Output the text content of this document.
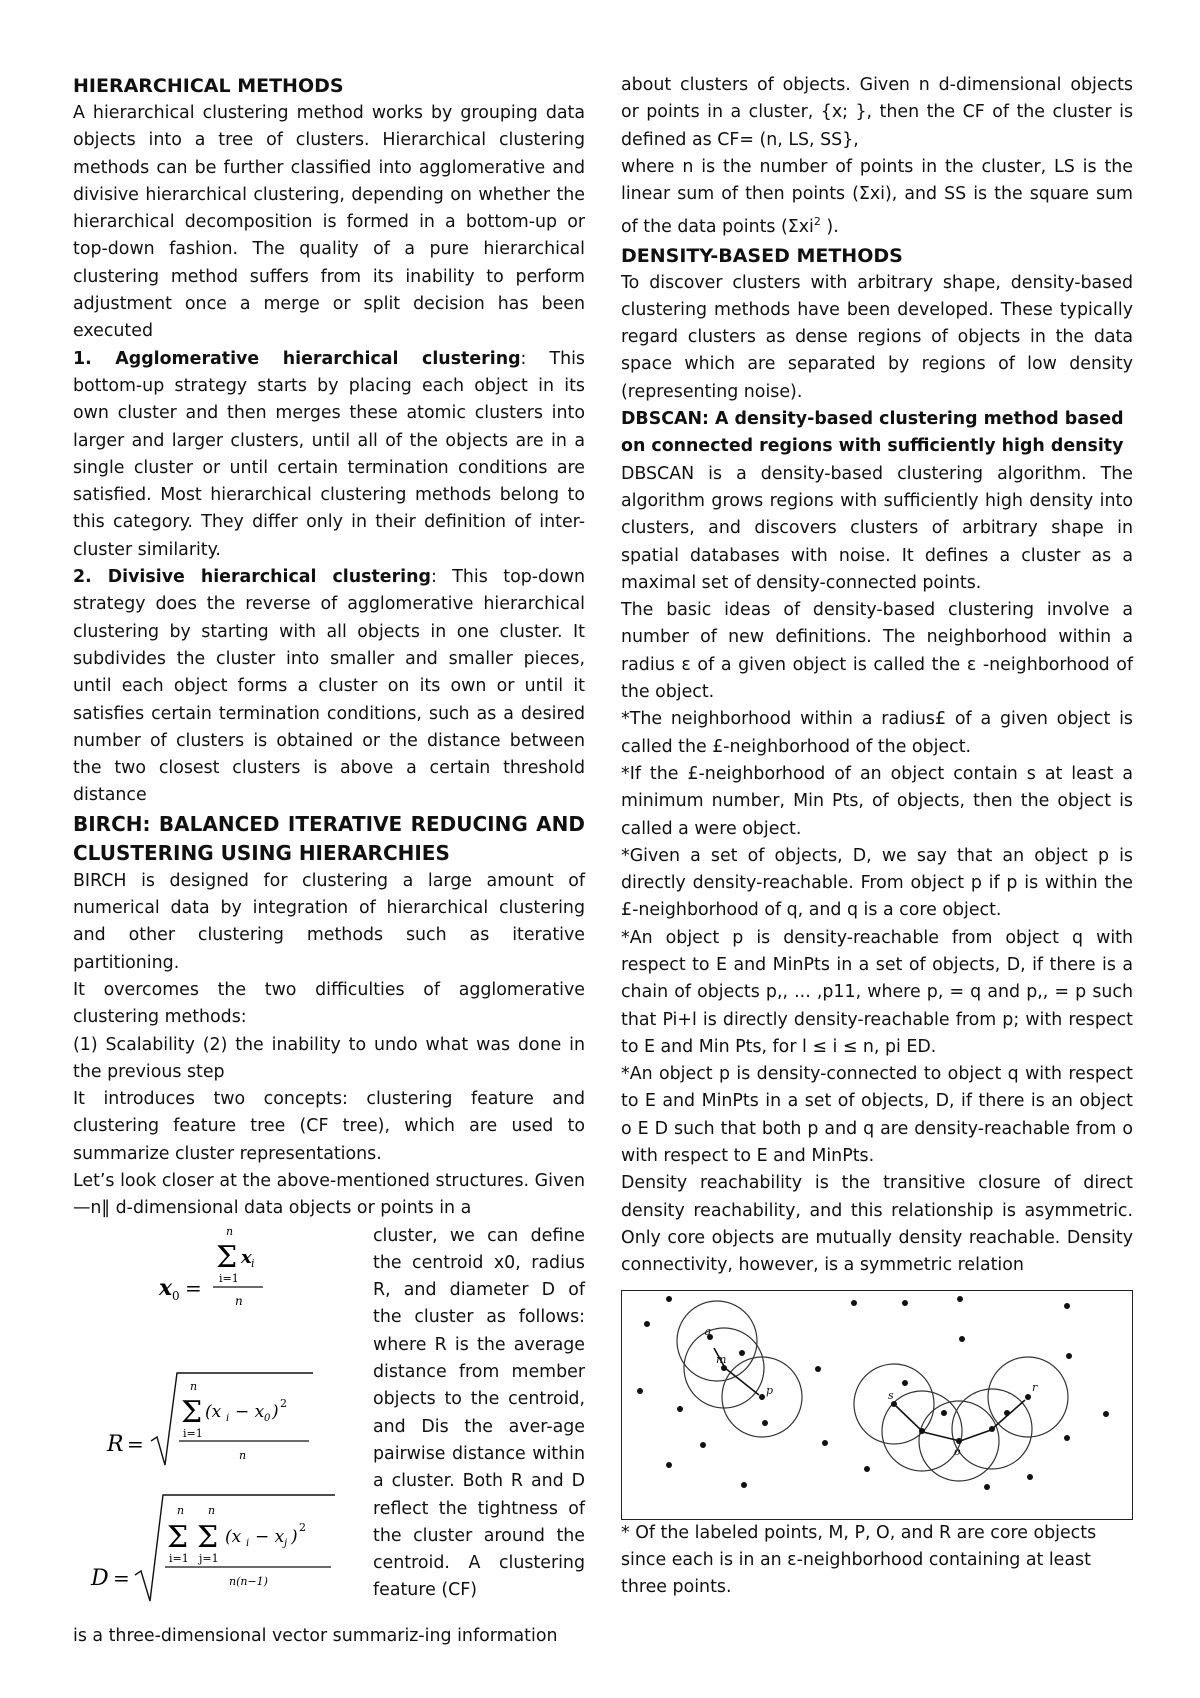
HIERARCHICAL METHODS

A hierarchical clustering method works by grouping data objects into a tree of clusters. Hierarchical clustering methods can be further classified into agglomerative and divisive hierarchical clustering, depending on whether the hierarchical decomposition is formed in a bottom-up or top-down fashion. The quality of a pure hierarchical clustering method suffers from its inability to perform adjustment once a merge or split decision has been executed

1. Agglomerative hierarchical clustering: This bottom-up strategy starts by placing each object in its own cluster and then merges these atomic clusters into larger and larger clusters, until all of the objects are in a single cluster or until certain termination conditions are satisfied. Most hierarchical clustering methods belong to this category. They differ only in their definition of inter-cluster similarity.

2. Divisive hierarchical clustering: This top-down strategy does the reverse of agglomerative hierarchical clustering by starting with all objects in one cluster. It subdivides the cluster into smaller and smaller pieces, until each object forms a cluster on its own or until it satisfies certain termination conditions, such as a desired number of clusters is obtained or the distance between the two closest clusters is above a certain threshold distance

BIRCH: BALANCED ITERATIVE REDUCING AND CLUSTERING USING HIERARCHIES

BIRCH is designed for clustering a large amount of numerical data by integration of hierarchical clustering and other clustering methods such as iterative partitioning.

It overcomes the two difficulties of agglomerative clustering methods:

(1) Scalability (2) the inability to undo what was done in the previous step

It introduces two concepts: clustering feature and clustering feature tree (CF tree), which are used to summarize cluster representations.

Let’s look closer at the above-mentioned structures. Given —n‖ d-dimensional data objects or points in a

x 0 =
n
Σ x i
i=1
n
R =
n
Σ (x i − x 0 ) 2
i=1
n
D =
n n
Σ Σ (x i − x j ) 2
i=1 j=1
n(n−1)

cluster, we can define the centroid x0, radius R, and diameter D of the cluster as follows: where R is the average distance from member objects to the centroid, and Dis the aver-age pairwise distance within a cluster. Both R and D reflect the tightness of the cluster around the centroid. A clustering feature (CF)

is a three-dimensional vector summariz-ing information

about clusters of objects. Given n d-dimensional objects or points in a cluster, {x; }, then the CF of the cluster is defined as CF= (n, LS, SS},

where n is the number of points in the cluster, LS is the linear sum of then points (Σxi), and SS is the square sum of the data points (Σxi$^2$ ).

DENSITY-BASED METHODS

To discover clusters with arbitrary shape, density-based clustering methods have been developed. These typically regard clusters as dense regions of objects in the data space which are separated by regions of low density (representing noise).

DBSCAN: A density-based clustering method based on connected regions with sufficiently high density

DBSCAN is a density-based clustering algorithm. The algorithm grows regions with sufficiently high density into clusters, and discovers clusters of arbitrary shape in spatial databases with noise. It defines a cluster as a maximal set of density-connected points.

The basic ideas of density-based clustering involve a number of new definitions. The neighborhood within a radius ε of a given object is called the ε -neighborhood of the object.

*The neighborhood within a radius£ of a given object is called the £-neighborhood of the object.

*If the £-neighborhood of an object contain s at least a minimum number, Min Pts, of objects, then the object is called a were object.

*Given a set of objects, D, we say that an object p is directly density-reachable. From object p if p is within the £-neighborhood of q, and q is a core object.

*An object p is density-reachable from object q with respect to E and MinPts in a set of objects, D, if there is a chain of objects p,, ... ,p11, where p, = q and p,, = p such that Pi+l is directly density-reachable from p; with respect to E and Min Pts, for l ≤ i ≤ n, pi ED.

*An object p is density-connected to object q with respect to E and MinPts in a set of objects, D, if there is an object o E D such that both p and q are density-reachable from o with respect to E and MinPts.

Density reachability is the transitive closure of direct density reachability, and this relationship is asymmetric. Only core objects are mutually density reachable. Density connectivity, however, is a symmetric relation

q
m
p	s
r
o

* Of the labeled points, M, P, O, and R are core objects since each is in an ε-neighborhood containing at least three points.
